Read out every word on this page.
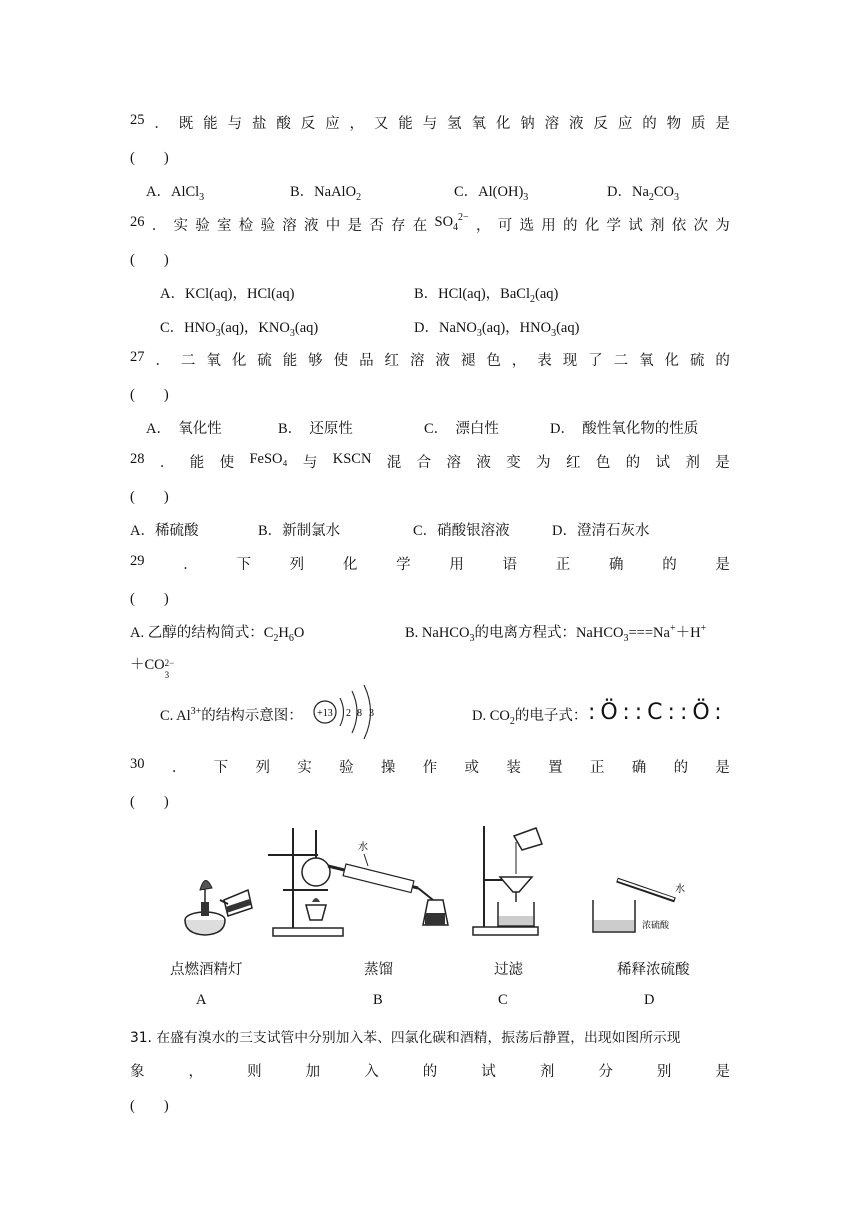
25 ． 既 能 与 盐 酸 反 应 ， 又 能 与 氢 氧 化 钠 溶 液 反 应 的 物 质 是
(　　)
A．AlCl$_3$	B．NaAlO$_2$	C．$Al(OH)_3$	D．$Na_2CO_3$
26 ． 实 验 室 检 验 溶 液 中 是 否 存 在 $SO_4^{2-}$
， 可 选 用 的 化 学 试 剂 依 次 为
(　　)
A．KCl(aq)，HCl(aq)	B．HCl(aq)，BaCl$_2$(aq)
C．$HNO_3(aq)$，$KNO_3(aq)$	D．NaNO$_3$(aq)，$HNO_3(aq)$
27 ． 二 氧 化 硫 能 够 使 品 红 溶 液 褪 色 ， 表 现 了 二 氧 化 硫 的
(　　)
A．　氧化性	B．　还原性	C．　漂白性	D．　酸性氧化物的性质
28 ． 能 使 FeSO₄ 与 KSCN 混 合 溶 液 变 为 红 色 的 试 剂 是
(　　)
A．稀硫酸	B．新制氯水	C．硝酸银溶液	D．澄清石灰水
29	．	下	列	化	学	用	语	正	确	的	是
(　　)
A. 乙醇的结构简式：$C_2H_6O$	B. NaHCO$_3$的电离方程式：NaHCO$_3$===Na+＋H+
＋CO 2−
3
C. $Al^{3+}$的结构示意图： +13 2 8 3	D. $CO_2$的电子式： :Ö::C::Ö:
30 ． 下 列 实 验 操 作 或 装 置 正 确 的 是
(　　)
点燃酒精灯
A
水
蒸馏
B
过滤
C
水
浓硫酸
稀释浓硫酸
D
31. 在盛有溴水的三支试管中分别加入苯、四氯化碳和酒精，振荡后静置，出现如图所示现
象	，	则	加	入	的	试	剂	分	别	是
(　　)
